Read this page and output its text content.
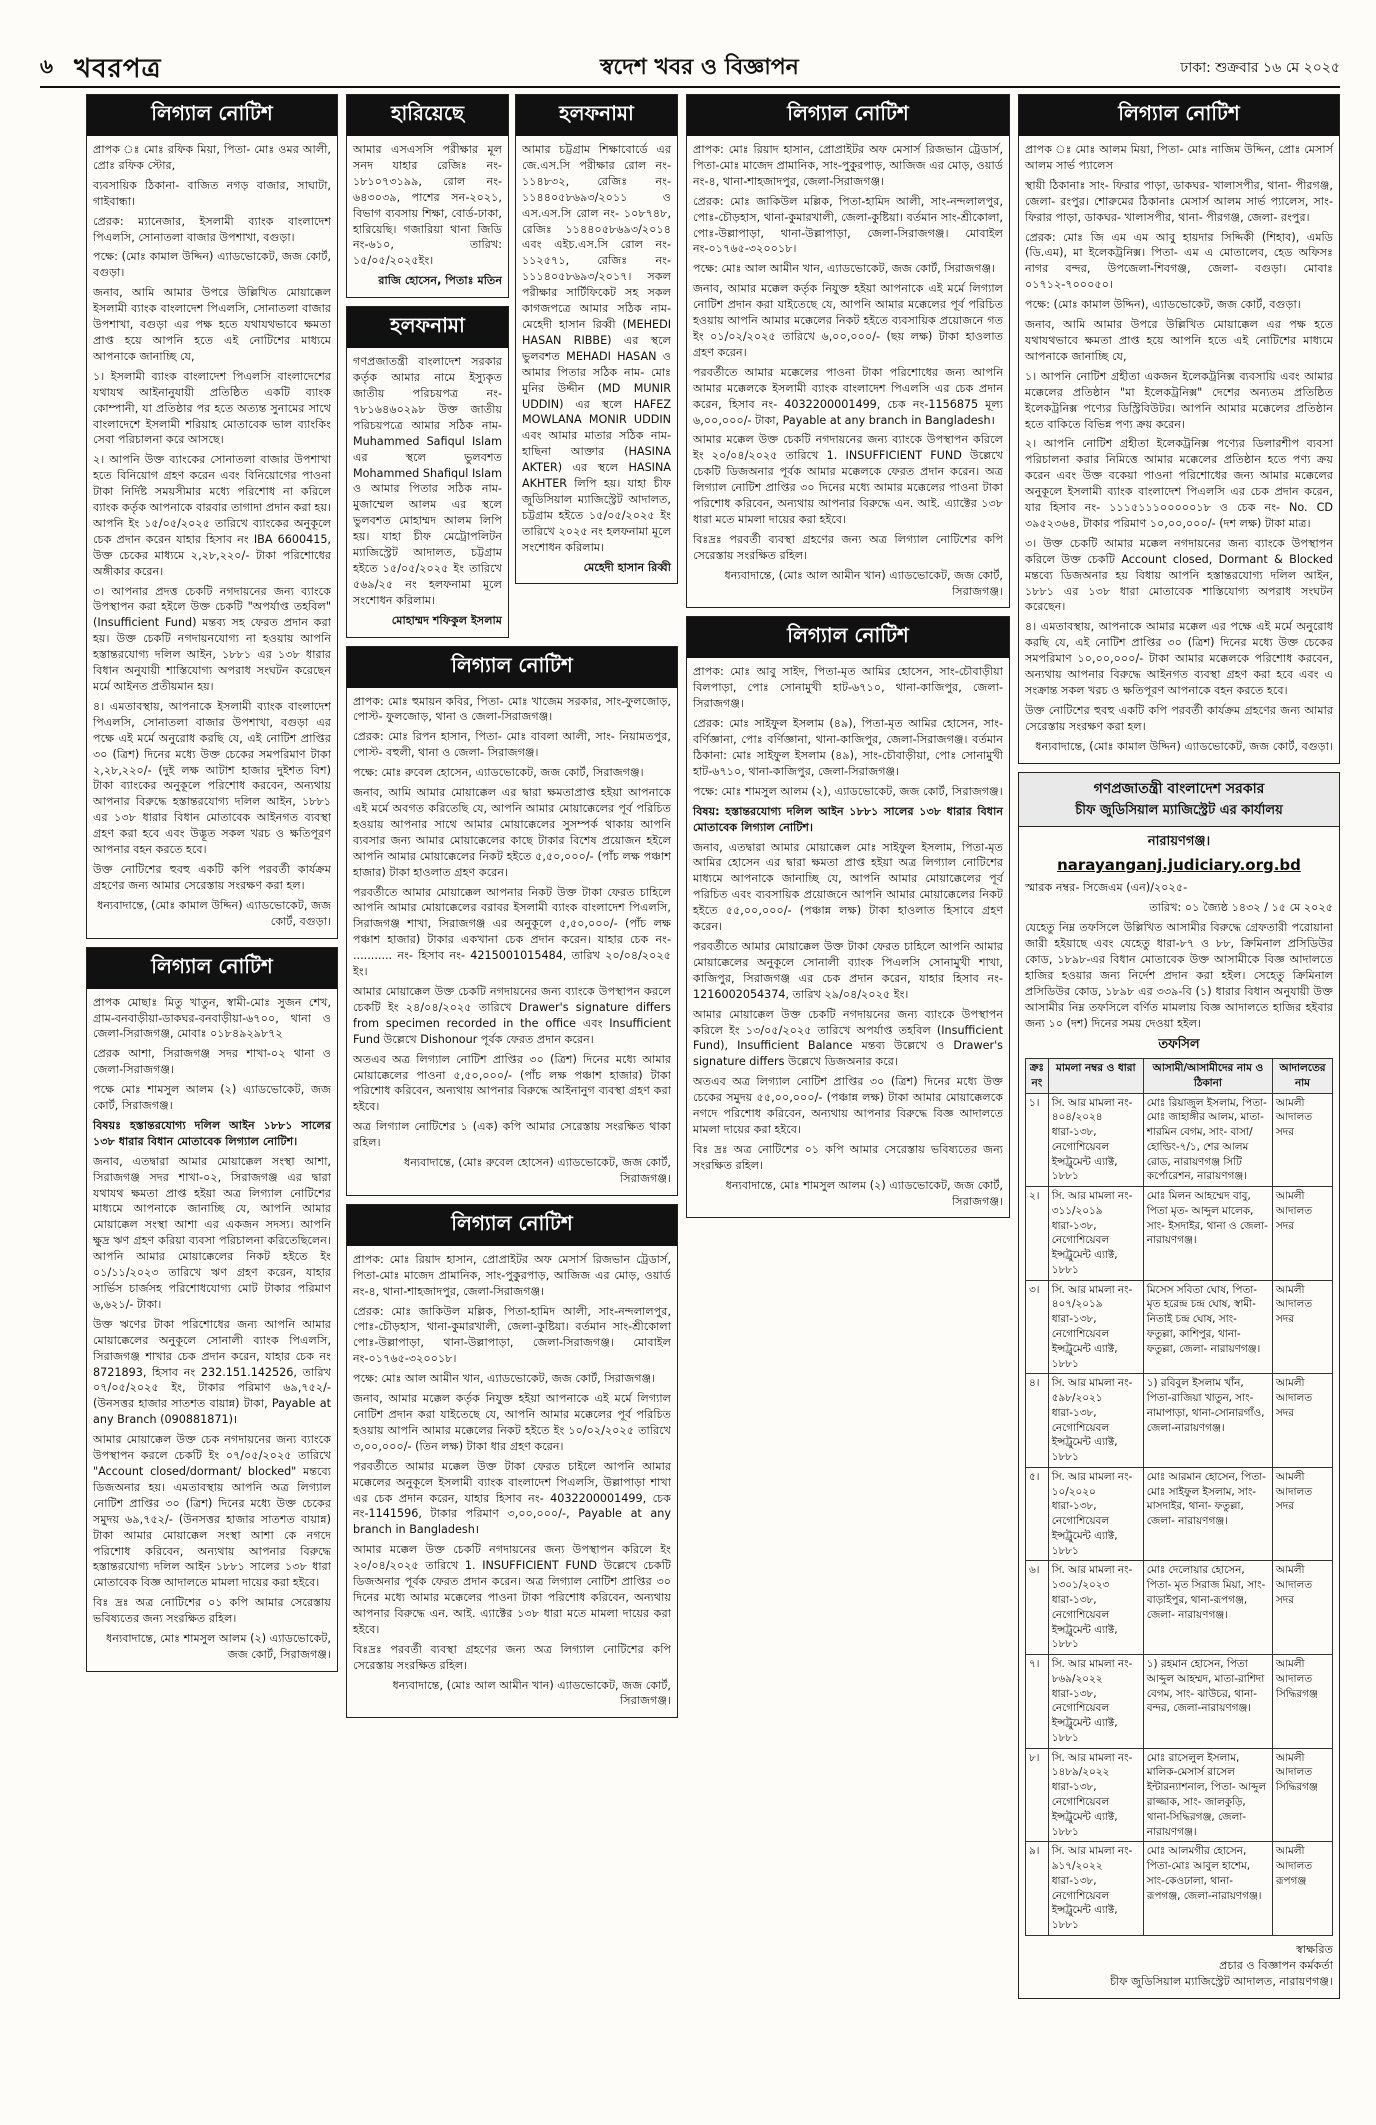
৬ খবরপত্র	স্বদেশ খবর ও বিজ্ঞাপন	ঢাকা: শুক্রবার ১৬ মে ২০২৫
লিগ্যাল নোটিশ

প্রাপক ঃ মোঃ রফিক মিয়া, পিতা- মোঃ ওমর আলী, প্রোঃ রফিক স্টোর,

ব্যবসায়িক ঠিকানা- বাজিত নগড় বাজার, সাঘাটা, গাইবান্ধা।

প্রেরক: ম্যানেজার, ইসলামী ব্যাংক বাংলাদেশ পিএলসি, সোনাতলা বাজার উপশাখা, বগুড়া।

পক্ষে: (মোঃ কামাল উদ্দিন) এ্যাডভোকেট, জজ কোর্ট, বগুড়া।

জনাব, আমি আমার উপরে উল্লিখিত মোয়াক্কেল ইসলামী ব্যাংক বাংলাদেশ পিএলসি, সোনাতলা বাজার উপশাখা, বগুড়া এর পক্ষ হতে যথাযথভাবে ক্ষমতা প্রাপ্ত হয়ে আপনি হতে এই নোটিশের মাধ্যমে আপনাকে জানাচ্ছি যে,

১। ইসলামী ব্যাংক বাংলাদেশ পিএলসি বাংলাদেশের যথাযথ আইনানুযায়ী প্রতিষ্ঠিত একটি ব্যাংক কোম্পানী, যা প্রতিষ্ঠার পর হতে অত্যন্ত সুনামের সাথে বাংলাদেশে ইসলামী শরিয়াহ মোতাবেক ভাল ব্যাংকিং সেবা পরিচালনা করে আসছে।

২। আপনি উক্ত ব্যাংকের সোনাতলা বাজার উপশাখা হতে বিনিয়োগ গ্রহণ করেন এবং বিনিয়োগের পাওনা টাকা নির্দিষ্ট সময়সীমার মধ্যে পরিশোধ না করিলে ব্যাংক কর্তৃক আপনাকে বারবার তাগাদা প্রদান করা হয়। আপনি ইং ১৫/০৫/২০২৫ তারিখে ব্যাংকের অনুকূলে চেক প্রদান করেন যাহার হিসাব নং IBA 6600415, উক্ত চেকের মাধ্যমে ২,২৮,২২০/- টাকা পরিশোধের অঙ্গীকার করেন।

৩। আপনার প্রদত্ত চেকটি নগদায়নের জন্য ব্যাংকে উপস্থাপন করা হইলে উক্ত চেকটি "অপর্যাপ্ত তহবিল" (Insufficient Fund) মন্তব্য সহ ফেরত প্রদান করা হয়। উক্ত চেকটি নগদায়নযোগ্য না হওয়ায় আপনি হস্তান্তরযোগ্য দলিল আইন, ১৮৮১ এর ১৩৮ ধারার বিধান অনুযায়ী শাস্তিযোগ্য অপরাধ সংঘটন করেছেন মর্মে আইনত প্রতীয়মান হয়।

৪। এমতাবস্থায়, আপনাকে ইসলামী ব্যাংক বাংলাদেশ পিএলসি, সোনাতলা বাজার উপশাখা, বগুড়া এর পক্ষে এই মর্মে অনুরোধ করছি যে, এই নোটিশ প্রাপ্তির ৩০ (ত্রিশ) দিনের মধ্যে উক্ত চেকের সমপরিমাণ টাকা ২,২৮,২২০/- (দুই লক্ষ আটাশ হাজার দুইশত বিশ) টাকা ব্যাংকের অনুকূলে পরিশোধ করবেন, অন্যথায় আপনার বিরুদ্ধে হস্তান্তরযোগ্য দলিল আইন, ১৮৮১ এর ১৩৮ ধারার বিধান মোতাবেক আইনগত ব্যবস্থা গ্রহণ করা হবে এবং উদ্ভূত সকল খরচ ও ক্ষতিপূরণ আপনার বহন করতে হবে।

উক্ত নোটিশের হুবহু একটি কপি পরবর্তী কার্যক্রম গ্রহণের জন্য আমার সেরেস্তায় সংরক্ষণ করা হল।

ধন্যবাদান্তে, (মোঃ কামাল উদ্দিন) এ্যাডভোকেট, জজ কোর্ট, বগুড়া।

লিগ্যাল নোটিশ

প্রাপক মোছাঃ মিতু খাতুন, স্বামী-মোঃ সুজন শেখ, গ্রাম-বনবাড়ীয়া-ডাকঘর-বনবাড়ীয়া-৬৭০০, থানা ও জেলা-সিরাজগঞ্জ, মোবাঃ ০১৮৪৯২৯৮৭২

প্রেরক আশা, সিরাজগঞ্জ সদর শাখা-০২ থানা ও জেলা-সিরাজগঞ্জ।

পক্ষে মোঃ শামসুল আলম (২) এ্যাডভোকেট, জজ কোর্ট, সিরাজগঞ্জ।

বিষয়ঃ হস্তান্তরযোগ্য দলিল আইন ১৮৮১ সালের ১৩৮ ধারার বিধান মোতাবেক লিগ্যাল নোটিশ।

জনাব, এতদ্বারা আমার মোয়াক্কেল সংস্থা আশা, সিরাজগঞ্জ সদর শাখা-০২, সিরাজগঞ্জ এর দ্বারা যথাযথ ক্ষমতা প্রাপ্ত হইয়া অত্র লিগ্যাল নোটিশের মাধ্যমে আপনাকে জানাচ্ছি যে, আপনি আমার মোয়াক্কেল সংস্থা আশা এর একজন সদস্য। আপনি ক্ষুদ্র ঋণ গ্রহণ করিয়া ব্যবসা পরিচালনা করিতেছিলেন। আপনি আমার মোয়াক্কেলের নিকট হইতে ইং ০১/১১/২০২৩ তারিখে ঋণ গ্রহণ করেন, যাহার সার্ভিস চার্জসহ পরিশোধযোগ্য মোট টাকার পরিমাণ ৬,৬২১/- টাকা।

উক্ত ঋণের টাকা পরিশোধের জন্য আপনি আমার মোয়াক্কেলের অনুকূলে সোনালী ব্যাংক পিএলসি, সিরাজগঞ্জ শাখার চেক প্রদান করেন, যাহার চেক নং 8721893, হিসাব নং 232.151.142526, তারিখ ০৭/০৫/২০২৫ ইং, টাকার পরিমাণ ৬৯,৭৫২/- (উনসত্তর হাজার সাতশত বায়ান্ন) টাকা, Payable at any Branch (090881871)।

আমার মোয়াক্কেল উক্ত চেক নগদায়নের জন্য ব্যাংকে উপস্থাপন করলে চেকটি ইং ০৭/০৫/২০২৫ তারিখে "Account closed/dormant/ blocked" মন্তব্যে ডিজঅনার হয়। এমতাবস্থায় আপনি অত্র লিগ্যাল নোটিশ প্রাপ্তির ৩০ (ত্রিশ) দিনের মধ্যে উক্ত চেকের সমুদয় ৬৯,৭৫২/- (উনসত্তর হাজার সাতশত বায়ান্ন) টাকা আমার মোয়াক্কেল সংস্থা আশা কে নগদে পরিশোধ করিবেন, অন্যথায় আপনার বিরুদ্ধে হস্তান্তরযোগ্য দলিল আইন ১৮৮১ সালের ১৩৮ ধারা মোতাবেক বিজ্ঞ আদালতে মামলা দায়ের করা হইবে।

বিঃ দ্রঃ অত্র নোটিশের ০১ কপি আমার সেরেস্তায় ভবিষ্যতের জন্য সংরক্ষিত রহিল।

ধন্যবাদান্তে, মোঃ শামসুল আলম (২) এ্যাডভোকেট, জজ কোর্ট, সিরাজগঞ্জ।

হারিয়েছে

আমার এসএসসি পরীক্ষার মূল সনদ যাহার রেজিঃ নং- ১৮১০৭৩১৯৯, রোল নং- ৬৪৩০৩৯, পাশের সন-২০২১, বিভাগ ব্যবসায় শিক্ষা, বোর্ড-ঢাকা, হারিয়েছি। গজারিয়া থানা জিডি নং-৬১০, তারিখ: ১৫/০৫/২০২৫ইং।

রাজি হোসেন, পিতাঃ মতিন

হলফনামা

গণপ্রজাতন্ত্রী বাংলাদেশ সরকার কর্তৃক আমার নামে ইস্যুকৃত জাতীয় পরিচয়পত্র নং- ৭৮১৬৪৬০২৯৮ উক্ত জাতীয় পরিচয়পত্রে আমার সঠিক নাম- Muhammed Safiqul Islam এর স্থলে ভুলবশত Mohammed Shafiqul Islam ও আমার পিতার সঠিক নাম- মুজাম্মেল আলম এর স্থলে ভুলবশত মোহাম্মদ আলম লিপি হয়। যাহা চীফ মেট্রোপলিটন ম্যাজিস্ট্রেট আদালত, চট্টগ্রাম হইতে ১৫/০৫/২০২৫ ইং তারিখে ৫৬৯/২৫ নং হলফনামা মূলে সংশোধন করিলাম।

মোহাম্মদ শফিকুল ইসলাম

হলফনামা

আমার চট্টগ্রাম শিক্ষাবোর্ডে এর জে.এস.সি পরীক্ষার রোল নং- ১১৪৮৩২, রেজিঃ নং- ১১৪৪০৫৮৬৯৩/২০১১ ও এস.এস.সি রোল নং- ১০৮৭৪৮, রেজিঃ ১১৪৪০৫৮৬৯৩/২০১৪ এবং এইচ.এস.সি রোল নং- ১১২৫৭১, রেজিঃ নং- ১১১৪০৫৮৬৯৩/২০১৭। সকল পরীক্ষার সার্টিফিকেট সহ সকল কাগজপত্রে আমার সঠিক নাম- মেহেদী হাসান রিব্বী (MEHEDI HASAN RIBBE) এর স্থলে ভুলবশত MEHADI HASAN ও আমার পিতার সঠিক নাম- মোঃ মুনির উদ্দীন (MD MUNIR UDDIN) এর স্থলে HAFEZ MOWLANA MONIR UDDIN এবং আমার মাতার সঠিক নাম- হাছিনা আক্তার (HASINA AKTER) এর স্থলে HASINA AKHTER লিপি হয়। যাহা চীফ জুডিসিয়াল ম্যাজিস্ট্রেট আদালত, চট্টগ্রাম হইতে ১৫/০৫/২০২৫ ইং তারিখে ২০২৫ নং হলফনামা মূলে সংশোধন করিলাম।

মেহেদী হাসান রিব্বী

লিগ্যাল নোটিশ

প্রাপক: মোঃ হুমায়ন কবির, পিতা- মোঃ খাজেম সরকার, সাং-ফুলজোড়, পোস্ট- ফুলজোড়, থানা ও জেলা-সিরাজগঞ্জ।

প্রেরক: মোঃ রিপন হাসান, পিতা- মোঃ বাবলা আলী, সাং- নিয়ামতপুর, পোস্ট- বহুলী, থানা ও জেলা- সিরাজগঞ্জ।

পক্ষে: মোঃ রুবেল হোসেন, এ্যাডভোকেট, জজ কোর্ট, সিরাজগঞ্জ।

জনাব, আমি আমার মোয়াক্কেল এর দ্বারা ক্ষমতাপ্রাপ্ত হইয়া আপনাকে এই মর্মে অবগত করিতেছি যে, আপনি আমার মোয়াক্কেলের পূর্ব পরিচিত হওয়ায় আপনার সাথে আমার মোয়াক্কেলের সুসম্পর্ক থাকায় আপনি ব্যবসার জন্য আমার মোয়াক্কেলের কাছে টাকার বিশেষ প্রয়োজন হইলে আপনি আমার মোয়াক্কেলের নিকট হইতে ৫,৫০,০০০/- (পাঁচ লক্ষ পঞ্চাশ হাজার) টাকা হাওলাত গ্রহণ করেন।

পরবর্তীতে আমার মোয়াক্কেল আপনার নিকট উক্ত টাকা ফেরত চাহিলে আপনি আমার মোয়াক্কেলের বরাবর ইসলামী ব্যাংক বাংলাদেশ পিএলসি, সিরাজগঞ্জ শাখা, সিরাজগঞ্জ এর অনুকূলে ৫,৫০,০০০/- (পাঁচ লক্ষ পঞ্চাশ হাজার) টাকার একখানা চেক প্রদান করেন। যাহার চেক নং- ........... নং- হিসাব নং- 4215001015484, তারিখ ২০/০৪/২০২৫ ইং।

আমার মোয়াক্কেল উক্ত চেকটি নগদায়নের জন্য ব্যাংকে উপস্থাপন করলে চেকটি ইং ২৪/০৪/২০২৫ তারিখে Drawer's signature differs from specimen recorded in the office এবং Insufficient Fund উল্লেখে Dishonour পূর্বক ফেরত প্রদান করেন।

অতএব অত্র লিগ্যাল নোটিশ প্রাপ্তির ৩০ (ত্রিশ) দিনের মধ্যে আমার মোয়াক্কেলের পাওনা ৫,৫০,০০০/- (পাঁচ লক্ষ পঞ্চাশ হাজার) টাকা পরিশোধ করিবেন, অন্যথায় আপনার বিরুদ্ধে আইনানুগ ব্যবস্থা গ্রহণ করা হইবে।

অত্র লিগ্যাল নোটিশের ১ (এক) কপি আমার সেরেস্তায় সংরক্ষিত থাকা রহিল।

ধন্যবাদান্তে, (মোঃ রুবেল হোসেন) এ্যাডভোকেট, জজ কোর্ট, সিরাজগঞ্জ।

লিগ্যাল নোটিশ

প্রাপক: মোঃ রিয়াদ হাসান, প্রোপ্রাইটর অফ মেসার্স রিজভান ট্রেডার্স, পিতা-মোঃ মাজেদ প্রামানিক, সাং-পুকুরপাড়, আজিজ এর মোড়, ওয়ার্ড নং-৪, থানা-শাহজাদপুর, জেলা-সিরাজগঞ্জ।

প্রেরক: মোঃ জাকিউল মল্লিক, পিতা-হামিদ আলী, সাং-নন্দলালপুর, পোঃ-চৌড়হাস, থানা-কুমারখালী, জেলা-কুষ্টিয়া। বর্তমান সাং-শ্রীকোলা পোঃ-উল্লাপাড়া, থানা-উল্লাপাড়া, জেলা-সিরাজগঞ্জ। মোবাইল নং-০১৭৬৫-৩২০০১৮।

পক্ষে: মোঃ আল আমীন খান, এ্যাডভোকেট, জজ কোর্ট, সিরাজগঞ্জ।

জনাব, আমার মক্কেল কর্তৃক নিযুক্ত হইয়া আপনাকে এই মর্মে লিগ্যাল নোটিশ প্রদান করা যাইতেছে যে, আপনি আমার মক্কেলের পূর্ব পরিচিত হওয়ায় আপনি আমার মক্কেলের নিকট হইতে ইং ১০/০২/২০২৫ তারিখে ৩,০০,০০০/- (তিন লক্ষ) টাকা ধার গ্রহণ করেন।

পরবর্তীতে আমার মক্কেল উক্ত টাকা ফেরত চাইলে আপনি আমার মক্কেলের অনুকূলে ইসলামী ব্যাংক বাংলাদেশ পিএলসি, উল্লাপাড়া শাখা এর চেক প্রদান করেন, যাহার হিসাব নং- 4032200001499, চেক নং-1141596, টাকার পরিমাণ ৩,০০,০০০/-, Payable at any branch in Bangladesh।

আমার মক্কেল উক্ত চেকটি নগদায়নের জন্য উপস্থাপন করিলে ইং ২০/০৪/২০২৫ তারিখে 1. INSUFFICIENT FUND উল্লেখে চেকটি ডিজঅনার পূর্বক ফেরত প্রদান করেন। অত্র লিগ্যাল নোটিশ প্রাপ্তির ৩০ দিনের মধ্যে আমার মক্কেলের পাওনা টাকা পরিশোধ করিবেন, অন্যথায় আপনার বিরুদ্ধে এন. আই. এ্যাক্টের ১৩৮ ধারা মতে মামলা দায়ের করা হইবে।

বিঃদ্রঃ পরবর্তী ব্যবস্থা গ্রহণের জন্য অত্র লিগ্যাল নোটিশের কপি সেরেস্তায় সংরক্ষিত রহিল।

ধন্যবাদান্তে, (মোঃ আল আমীন খান) এ্যাডভোকেট, জজ কোর্ট, সিরাজগঞ্জ।

লিগ্যাল নোটিশ

প্রাপক: মোঃ রিয়াদ হাসান, প্রোপ্রাইটর অফ মেসার্স রিজভান ট্রেডার্স, পিতা-মোঃ মাজেদ প্রামানিক, সাং-পুকুরপাড়, আজিজ এর মোড়, ওয়ার্ড নং-৪, থানা-শাহজাদপুর, জেলা-সিরাজগঞ্জ।

প্রেরক: মোঃ জাকিউল মল্লিক, পিতা-হামিদ আলী, সাং-নন্দলালপুর, পোঃ-চৌড়হাস, থানা-কুমারখালী, জেলা-কুষ্টিয়া। বর্তমান সাং-শ্রীকোলা, পোঃ-উল্লাপাড়া, থানা-উল্লাপাড়া, জেলা-সিরাজগঞ্জ। মোবাইল নং-০১৭৬৫-৩২০০১৮।

পক্ষে: মোঃ আল আমীন খান, এ্যাডভোকেট, জজ কোর্ট, সিরাজগঞ্জ।

জনাব, আমার মক্কেল কর্তৃক নিযুক্ত হইয়া আপনাকে এই মর্মে লিগ্যাল নোটিশ প্রদান করা যাইতেছে যে, আপনি আমার মক্কেলের পূর্ব পরিচিত হওয়ায় আপনি আমার মক্কেলের নিকট হইতে ব্যবসায়িক প্রয়োজনে গত ইং ০১/০২/২০২৫ তারিখে ৬,০০,০০০/- (ছয় লক্ষ) টাকা হাওলাত গ্রহণ করেন।

পরবর্তীতে আমার মক্কেলের পাওনা টাকা পরিশোধের জন্য আপনি আমার মক্কেলকে ইসলামী ব্যাংক বাংলাদেশ পিএলসি এর চেক প্রদান করেন, হিসাব নং- 4032200001499, চেক নং-1156875 মূল্য ৬,০০,০০০/- টাকা, Payable at any branch in Bangladesh।

আমার মক্কেল উক্ত চেকটি নগদায়নের জন্য ব্যাংকে উপস্থাপন করিলে ইং ২০/০৪/২০২৫ তারিখে 1. INSUFFICIENT FUND উল্লেখে চেকটি ডিজঅনার পূর্বক আমার মক্কেলকে ফেরত প্রদান করেন। অত্র লিগ্যাল নোটিশ প্রাপ্তির ৩০ দিনের মধ্যে আমার মক্কেলের পাওনা টাকা পরিশোধ করিবেন, অন্যথায় আপনার বিরুদ্ধে এন. আই. এ্যাক্টের ১৩৮ ধারা মতে মামলা দায়ের করা হইবে।

বিঃদ্রঃ পরবর্তী ব্যবস্থা গ্রহণের জন্য অত্র লিগ্যাল নোটিশের কপি সেরেস্তায় সংরক্ষিত রহিল।

ধন্যবাদান্তে, (মোঃ আল আমীন খান) এ্যাডভোকেট, জজ কোর্ট, সিরাজগঞ্জ।

লিগ্যাল নোটিশ

প্রাপক: মোঃ আবু সাইদ, পিতা-মৃত আমির হোসেন, সাং-চৌবাড়ীয়া বিলপাড়া, পোঃ সোনামুখী হাট-৬৭১০, থানা-কাজিপুর, জেলা-সিরাজগঞ্জ।

প্রেরক: মোঃ সাইফুল ইসলাম (৪৯), পিতা-মৃত আমির হোসেন, সাং-বর্ণিজ্ঞানা, পোঃ বর্ণিজ্ঞানা, থানা-কাজিপুর, জেলা-সিরাজগঞ্জ। বর্তমান ঠিকানা: মোঃ সাইফুল ইসলাম (৪৯), সাং-চৌবাড়ীয়া, পোঃ সোনামুখী হাট-৬৭১০, থানা-কাজিপুর, জেলা-সিরাজগঞ্জ।

পক্ষে: মোঃ শামসুল আলম (২), এ্যাডভোকেট, জজ কোর্ট, সিরাজগঞ্জ।

বিষয়: হস্তান্তরযোগ্য দলিল আইন ১৮৮১ সালের ১৩৮ ধারার বিধান মোতাবেক লিগ্যাল নোটিশ।

জনাব, এতদ্বারা আমার মোয়াক্কেল মোঃ সাইফুল ইসলাম, পিতা-মৃত আমির হোসেন এর দ্বারা ক্ষমতা প্রাপ্ত হইয়া অত্র লিগ্যাল নোটিশের মাধ্যমে আপনাকে জানাচ্ছি যে, আপনি আমার মোয়াক্কেলের পূর্ব পরিচিত এবং ব্যবসায়িক প্রয়োজনে আপনি আমার মোয়াক্কেলের নিকট হইতে ৫৫,০০,০০০/- (পঞ্চান্ন লক্ষ) টাকা হাওলাত হিসাবে গ্রহণ করেন।

পরবর্তীতে আমার মোয়াক্কেল উক্ত টাকা ফেরত চাহিলে আপনি আমার মোয়াক্কেলের অনুকূলে সোনালী ব্যাংক পিএলসি সোনামুখী শাখা, কাজিপুর, সিরাজগঞ্জ এর চেক প্রদান করেন, যাহার হিসাব নং- 1216002054374, তারিখ ২৯/০৪/২০২৫ ইং।

আমার মোয়াক্কেল উক্ত চেকটি নগদায়নের জন্য ব্যাংকে উপস্থাপন করিলে ইং ১৩/০৫/২০২৫ তারিখে অপর্যাপ্ত তহবিল (Insufficient Fund), Insufficient Balance মন্তব্য উল্লেখে ও Drawer's signature differs উল্লেখে ডিজঅনার করে।

অতএব অত্র লিগ্যাল নোটিশ প্রাপ্তির ৩০ (ত্রিশ) দিনের মধ্যে উক্ত চেকের সমুদয় ৫৫,০০,০০০/- (পঞ্চান্ন লক্ষ) টাকা আমার মোয়াক্কেলকে নগদে পরিশোধ করিবেন, অন্যথায় আপনার বিরুদ্ধে বিজ্ঞ আদালতে মামলা দায়ের করা হইবে।

বিঃ দ্রঃ অত্র নোটিশের ০১ কপি আমার সেরেস্তায় ভবিষ্যতের জন্য সংরক্ষিত রহিল।

ধন্যবাদান্তে, মোঃ শামসুল আলম (২) এ্যাডভোকেট, জজ কোর্ট, সিরাজগঞ্জ।

লিগ্যাল নোটিশ

প্রাপক ঃ মোঃ আলম মিয়া, পিতা- মোঃ নাজিম উদ্দিন, প্রোঃ মেসার্স আলম সার্ভ প্যালেস

স্থায়ী ঠিকানাঃ সাং- ফিরার পাড়া, ডাকঘর- খালাসপীর, থানা- পীরগঞ্জ, জেলা- রংপুর। শোরুমের ঠিকানাঃ মেসার্স আলম সার্ভ প্যালেস, সাং- ফিরার পাড়া, ডাকঘর- খালাসপীর, থানা- পীরগঞ্জ, জেলা- রংপুর।

প্রেরক: মোঃ জি এম এম আবু হায়দার সিদ্দিকী (শিহাব), এমডি (ডি.এম), মা ইলেকট্রনিক্স। পিতা- এম এ মোতালেব, হেড অফিসঃ নাগর বন্দর, উপজেলা-শিবগঞ্জ, জেলা- বগুড়া। মোবাঃ ০১৭১২-৭০০০৫০।

পক্ষে: (মোঃ কামাল উদ্দিন), এ্যাডভোকেট, জজ কোর্ট, বগুড়া।

জনাব, আমি আমার উপরে উল্লিখিত মোয়াক্কেল এর পক্ষ হতে যথাযথভাবে ক্ষমতা প্রাপ্ত হয়ে আপনি হতে এই নোটিশের মাধ্যমে আপনাকে জানাচ্ছি যে,

১। আপনি নোটিশ গ্রহীতা একজন ইলেকট্রনিক্স ব্যবসায়ি এবং আমার মক্কেলের প্রতিষ্ঠান "মা ইলেকট্রনিক্স" দেশের অন্যতম প্রতিষ্ঠিত ইলেকট্রনিক্স পণ্যের ডিস্ট্রিবিউটর। আপনি আমার মক্কেলের প্রতিষ্ঠান হতে বাকিতে বিভিন্ন পণ্য ক্রয় করেন।

২। আপনি নোটিশ গ্রহীতা ইলেকট্রনিক্স পণ্যের ডিলারশীপ ব্যবসা পরিচালনা করার নিমিত্তে আমার মক্কেলের প্রতিষ্ঠান হতে পণ্য ক্রয় করেন এবং উক্ত বকেয়া পাওনা পরিশোধের জন্য আমার মক্কেলের অনুকূলে ইসলামী ব্যাংক বাংলাদেশ পিএলসি এর চেক প্রদান করেন, যার হিসাব নং- ১১১৫১১১০০০০০১৮ ও চেক নং- No. CD ৩৯৫২৩৬৪, টাকার পরিমাণ ১০,০০,০০০/- (দশ লক্ষ) টাকা মাত্র।

৩। উক্ত চেকটি আমার মক্কেল নগদায়নের জন্য ব্যাংকে উপস্থাপন করিলে উক্ত চেকটি Account closed, Dormant & Blocked মন্তব্যে ডিজঅনার হয় বিধায় আপনি হস্তান্তরযোগ্য দলিল আইন, ১৮৮১ এর ১৩৮ ধারা মোতাবেক শাস্তিযোগ্য অপরাধ সংঘটন করেছেন।

৪। এমতাবস্থায়, আপনাকে আমার মক্কেল এর পক্ষে এই মর্মে অনুরোধ করছি যে, এই নোটিশ প্রাপ্তির ৩০ (ত্রিশ) দিনের মধ্যে উক্ত চেকের সমপরিমাণ ১০,০০,০০০/- টাকা আমার মক্কেলকে পরিশোধ করবেন, অন্যথায় আপনার বিরুদ্ধে আইনগত ব্যবস্থা গ্রহণ করা হবে এবং এ সংক্রান্ত সকল খরচ ও ক্ষতিপূরণ আপনাকে বহন করতে হবে।

উক্ত নোটিশের হুবহু একটি কপি পরবর্তী কার্যক্রম গ্রহণের জন্য আমার সেরেস্তায় সংরক্ষণ করা হল।

ধন্যবাদান্তে, (মোঃ কামাল উদ্দিন) এ্যাডভোকেট, জজ কোর্ট, বগুড়া।

গণপ্রজাতন্ত্রী বাংলাদেশ সরকার
চীফ জুডিসিয়াল ম্যাজিস্ট্রেট এর কার্যালয়

নারায়ণগঞ্জ।

narayanganj.judiciary.org.bd

স্মারক নম্বর- সিজেএম (এন)/২০২৫-

তারিখ: ০১ জ্যৈষ্ঠ ১৪৩২ / ১৫ মে ২০২৫

যেহেতু নিম্ন তফসিলে উল্লিখিত আসামীর বিরুদ্ধে গ্রেফতারী পরোয়ানা জারী হইয়াছে এবং যেহেতু ধারা-৮৭ ও ৮৮, ক্রিমিনাল প্রসিডিউর কোড, ১৮৯৮-এর বিধান মোতাবেক উক্ত আসামীকে বিজ্ঞ আদালতে হাজির হওয়ার জন্য নির্দেশ প্রদান করা হইল। সেহেতু ক্রিমিনাল প্রসিডিউর কোড, ১৮৯৮ এর ৩৩৯-বি (১) ধারার বিধান অনুযায়ী উক্ত আসামীর নিম্ন তফসিলে বর্ণিত মামলায় বিজ্ঞ আদালতে হাজির হইবার জন্য ১০ (দশ) দিনের সময় দেওয়া হইল।

তফসিল

ক্রঃ নং	মামলা নম্বর ও ধারা	আসামী/আসামীদের নাম ও ঠিকানা	আদালতের নাম
১।	সি. আর মামলা নং- ৪০৪/২০২৪ ধারা-১৩৮, নেগোশিয়েবল ইন্সট্রুমেন্ট এ্যাক্ট, ১৮৮১	মোঃ রিয়াজুল ইসলাম, পিতা-মোঃ জাহাঙ্গীর আলম, মাতা-শারমিন বেগম, সাং- বাসা/হোল্ডিং-৭/১, শের আলম রোড, নারায়ণগঞ্জ সিটি কর্পোরেশন, নারায়ণগঞ্জ।	আমলী আদালত সদর
২।	সি. আর মামলা নং- ৩১১/২০১৯ ধারা-১৩৮, নেগোশিয়েবল ইন্সট্রুমেন্ট এ্যাক্ট, ১৮৮১	মোঃ মিলন আহম্মেদ বাবু, পিতা মৃত- আব্দুল মালেক, সাং- ইসদাইর, থানা ও জেলা-নারায়ণগঞ্জ।	আমলী আদালত সদর
৩।	সি. আর মামলা নং- ৪০৭/২০১৯ ধারা-১৩৮, নেগোশিয়েবল ইন্সট্রুমেন্ট এ্যাক্ট, ১৮৮১	মিসেস সবিতা ঘোষ, পিতা-মৃত হরেন্দ্র চন্দ্র ঘোষ, স্বামী- নিতাই চন্দ্র ঘোষ, সাং- ফতুল্লা, কাশিপুর, থানা- ফতুল্লা, জেলা- নারায়ণগঞ্জ।	আমলী আদালত সদর
৪।	সি. আর মামলা নং- ৫৯৮/২০২১ ধারা-১৩৮, নেগোশিয়েবল ইন্সট্রুমেন্ট এ্যাক্ট, ১৮৮১	১) রবিবুল ইসলাম খাঁন, পিতা-রাজিয়া খাতুন, সাং- নামাপাড়া, থানা-সোনারগাঁও, জেলা-নারায়ণগঞ্জ।	আমলী আদালত সদর
৫।	সি. আর মামলা নং- ১০/২০২০ ধারা-১৩৮, নেগোশিয়েবল ইন্সট্রুমেন্ট এ্যাক্ট, ১৮৮১	মোঃ আরমান হোসেন, পিতা- মোঃ সাইফুল ইসলাম, সাং- মাসদাইর, থানা- ফতুল্লা, জেলা- নারায়ণগঞ্জ।	আমলী আদালত সদর
৬।	সি. আর মামলা নং- ১৩০১/২০২৩ ধারা-১৩৮, নেগোশিয়েবল ইন্সট্রুমেন্ট এ্যাক্ট, ১৮৮১	মোঃ দেলোয়ার হোসেন, পিতা- মৃত সিরাজ মিয়া, সাং- বাড়াইপুর, থানা-রূপগঞ্জ, জেলা- নারায়ণগঞ্জ।	আমলী আদালত সদর
৭।	সি. আর মামলা নং- ৮৬৯/২০২২ ধারা-১৩৮, নেগোশিয়েবল ইন্সট্রুমেন্ট এ্যাক্ট, ১৮৮১	১) রহমান হোসেন, পিতা আব্দুল আহম্মদ, মাতা-রাশিদা বেগম, সাং- ঝাউচর, থানা-বন্দর, জেলা-নারায়ণগঞ্জ।	আমলী আদালত সিদ্ধিরগঞ্জ
৮।	সি. আর মামলা নং- ১৪৮৯/২০২২ ধারা-১৩৮, নেগোশিয়েবল ইন্সট্রুমেন্ট এ্যাক্ট, ১৮৮১	মোঃ রাসেলুল ইসলাম, মালিক-মেসার্স রাসেল ইন্টারন্যাশনাল, পিতা- আব্দুল রাজ্জাক, সাং- জালকুড়ি, থানা-সিদ্ধিরগঞ্জ, জেলা- নারায়ণগঞ্জ।	আমলী আদালত সিদ্ধিরগঞ্জ
৯।	সি. আর মামলা নং- ৯১৭/২০২২ ধারা-১৩৮, নেগোশিয়েবল ইন্সট্রুমেন্ট এ্যাক্ট, ১৮৮১	মোঃ আলমগীর হোসেন, পিতা-মোঃ আবুল হাশেম, সাং-কেওঢালা, থানা- রূপগঞ্জ, জেলা-নারায়ণগঞ্জ।	আমলী আদালত রূপগঞ্জ

স্বাক্ষরিত
প্রচার ও বিজ্ঞাপন কর্মকর্তা
চীফ জুডিসিয়াল ম্যাজিস্ট্রেট আদালত, নারায়ণগঞ্জ।
